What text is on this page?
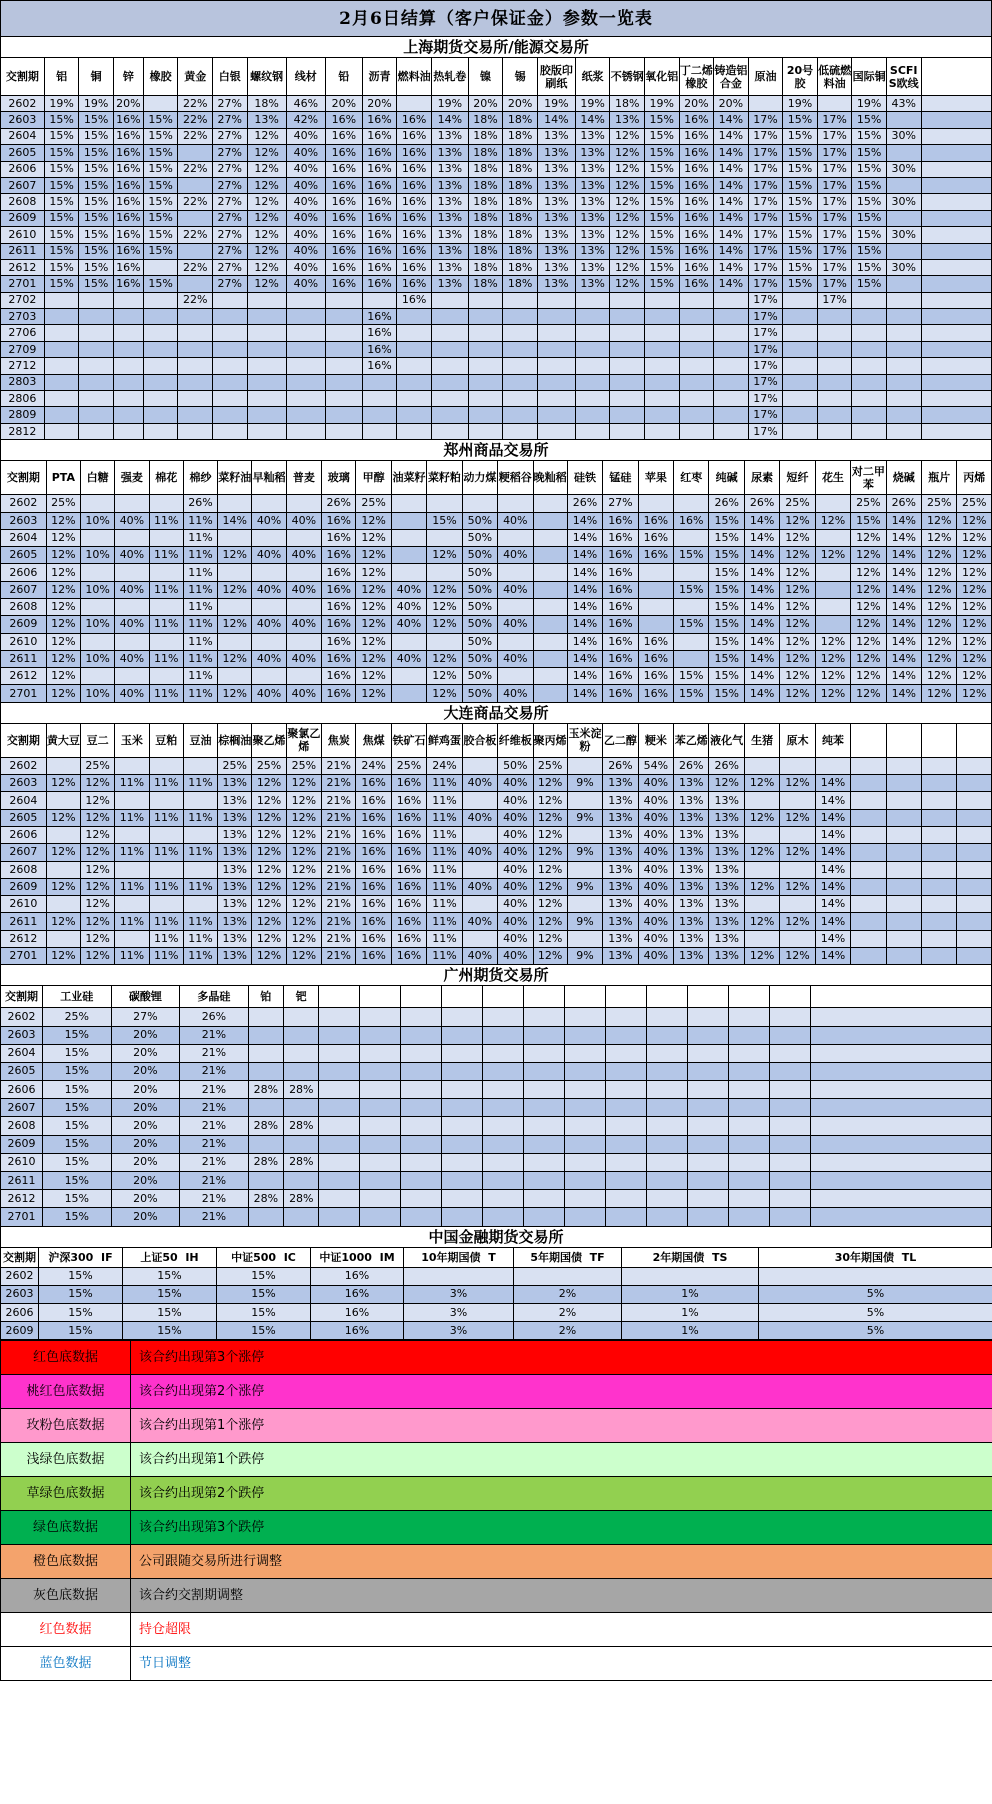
2月6日结算（客户保证金）参数一览表
上海期货交易所/能源交易所
交割期	铝	铜	锌	橡胶	黄金	白银	螺纹钢	线材	铅	沥青	燃料油	热轧卷	镍	锡	胶版印刷纸	纸浆	不锈钢	氧化铝	丁二烯橡胶	铸造铝合金	原油	20号胶	低硫燃料油	国际铜	SCFIS欧线	
2602	19%	19%	20%		22%	27%	18%	46%	20%	20%		19%	20%	20%	19%	19%	18%	19%	20%	20%		19%		19%	43%	
2603	15%	15%	16%	15%	22%	27%	13%	42%	16%	16%	16%	14%	18%	18%	14%	14%	13%	15%	16%	14%	17%	15%	17%	15%		
2604	15%	15%	16%	15%	22%	27%	12%	40%	16%	16%	16%	13%	18%	18%	13%	13%	12%	15%	16%	14%	17%	15%	17%	15%	30%	
2605	15%	15%	16%	15%		27%	12%	40%	16%	16%	16%	13%	18%	18%	13%	13%	12%	15%	16%	14%	17%	15%	17%	15%		
2606	15%	15%	16%	15%	22%	27%	12%	40%	16%	16%	16%	13%	18%	18%	13%	13%	12%	15%	16%	14%	17%	15%	17%	15%	30%	
2607	15%	15%	16%	15%		27%	12%	40%	16%	16%	16%	13%	18%	18%	13%	13%	12%	15%	16%	14%	17%	15%	17%	15%		
2608	15%	15%	16%	15%	22%	27%	12%	40%	16%	16%	16%	13%	18%	18%	13%	13%	12%	15%	16%	14%	17%	15%	17%	15%	30%	
2609	15%	15%	16%	15%		27%	12%	40%	16%	16%	16%	13%	18%	18%	13%	13%	12%	15%	16%	14%	17%	15%	17%	15%		
2610	15%	15%	16%	15%	22%	27%	12%	40%	16%	16%	16%	13%	18%	18%	13%	13%	12%	15%	16%	14%	17%	15%	17%	15%	30%	
2611	15%	15%	16%	15%		27%	12%	40%	16%	16%	16%	13%	18%	18%	13%	13%	12%	15%	16%	14%	17%	15%	17%	15%		
2612	15%	15%	16%		22%	27%	12%	40%	16%	16%	16%	13%	18%	18%	13%	13%	12%	15%	16%	14%	17%	15%	17%	15%	30%	
2701	15%	15%	16%	15%		27%	12%	40%	16%	16%	16%	13%	18%	18%	13%	13%	12%	15%	16%	14%	17%	15%	17%	15%		
2702					22%						16%										17%		17%			
2703										16%											17%					
2706										16%											17%					
2709										16%											17%					
2712										16%											17%					
2803																					17%					
2806																					17%					
2809																					17%					
2812																					17%					
郑州商品交易所
交割期	PTA	白糖	强麦	棉花	棉纱	菜籽油	早籼稻	普麦	玻璃	甲醇	油菜籽	菜籽粕	动力煤	粳稻谷	晚籼稻	硅铁	锰硅	苹果	红枣	纯碱	尿素	短纤	花生	对二甲苯	烧碱	瓶片	丙烯
2602	25%				26%				26%	25%						26%	27%			26%	26%	25%		25%	26%	25%	25%
2603	12%	10%	40%	11%	11%	14%	40%	40%	16%	12%		15%	50%	40%		14%	16%	16%	16%	15%	14%	12%	12%	15%	14%	12%	12%
2604	12%				11%				16%	12%			50%			14%	16%	16%		15%	14%	12%		12%	14%	12%	12%
2605	12%	10%	40%	11%	11%	12%	40%	40%	16%	12%		12%	50%	40%		14%	16%	16%	15%	15%	14%	12%	12%	12%	14%	12%	12%
2606	12%				11%				16%	12%			50%			14%	16%			15%	14%	12%		12%	14%	12%	12%
2607	12%	10%	40%	11%	11%	12%	40%	40%	16%	12%	40%	12%	50%	40%		14%	16%		15%	15%	14%	12%		12%	14%	12%	12%
2608	12%				11%				16%	12%	40%	12%	50%			14%	16%			15%	14%	12%		12%	14%	12%	12%
2609	12%	10%	40%	11%	11%	12%	40%	40%	16%	12%	40%	12%	50%	40%		14%	16%		15%	15%	14%	12%		12%	14%	12%	12%
2610	12%				11%				16%	12%			50%			14%	16%	16%		15%	14%	12%	12%	12%	14%	12%	12%
2611	12%	10%	40%	11%	11%	12%	40%	40%	16%	12%	40%	12%	50%	40%		14%	16%	16%		15%	14%	12%	12%	12%	14%	12%	12%
2612	12%				11%				16%	12%		12%	50%			14%	16%	16%	15%	15%	14%	12%	12%	12%	14%	12%	12%
2701	12%	10%	40%	11%	11%	12%	40%	40%	16%	12%		12%	50%	40%		14%	16%	16%	15%	15%	14%	12%	12%	12%	14%	12%	12%
大连商品交易所
交割期	黄大豆	豆二	玉米	豆粕	豆油	棕榈油	聚乙烯	聚氯乙烯	焦炭	焦煤	铁矿石	鲜鸡蛋	胶合板	纤维板	聚丙烯	玉米淀粉	乙二醇	粳米	苯乙烯	液化气	生猪	原木	纯苯				
2602		25%				25%	25%	25%	21%	24%	25%	24%		50%	25%		26%	54%	26%	26%							
2603	12%	12%	11%	11%	11%	13%	12%	12%	21%	16%	16%	11%	40%	40%	12%	9%	13%	40%	13%	12%	12%	12%	14%				
2604		12%				13%	12%	12%	21%	16%	16%	11%		40%	12%		13%	40%	13%	13%			14%				
2605	12%	12%	11%	11%	11%	13%	12%	12%	21%	16%	16%	11%	40%	40%	12%	9%	13%	40%	13%	13%	12%	12%	14%				
2606		12%				13%	12%	12%	21%	16%	16%	11%		40%	12%		13%	40%	13%	13%			14%				
2607	12%	12%	11%	11%	11%	13%	12%	12%	21%	16%	16%	11%	40%	40%	12%	9%	13%	40%	13%	13%	12%	12%	14%				
2608		12%				13%	12%	12%	21%	16%	16%	11%		40%	12%		13%	40%	13%	13%			14%				
2609	12%	12%	11%	11%	11%	13%	12%	12%	21%	16%	16%	11%	40%	40%	12%	9%	13%	40%	13%	13%	12%	12%	14%				
2610		12%				13%	12%	12%	21%	16%	16%	11%		40%	12%		13%	40%	13%	13%			14%				
2611	12%	12%	11%	11%	11%	13%	12%	12%	21%	16%	16%	11%	40%	40%	12%	9%	13%	40%	13%	13%	12%	12%	14%				
2612		12%		11%	11%	13%	12%	12%	21%	16%	16%	11%		40%	12%		13%	40%	13%	13%			14%				
2701	12%	12%	11%	11%	11%	13%	12%	12%	21%	16%	16%	11%	40%	40%	12%	9%	13%	40%	13%	13%	12%	12%	14%				
广州期货交易所
交割期	工业硅	碳酸锂	多晶硅	铂	钯													
2602	25%	27%	26%															
2603	15%	20%	21%															
2604	15%	20%	21%															
2605	15%	20%	21%															
2606	15%	20%	21%	28%	28%													
2607	15%	20%	21%															
2608	15%	20%	21%	28%	28%													
2609	15%	20%	21%															
2610	15%	20%	21%	28%	28%													
2611	15%	20%	21%															
2612	15%	20%	21%	28%	28%													
2701	15%	20%	21%															
中国金融期货交易所
交割期	沪深300  IF	上证50  IH	中证500  IC	中证1000  IM	10年期国债  T	5年期国债  TF	2年期国债  TS	30年期国债  TL
2602	15%	15%	15%	16%				
2603	15%	15%	15%	16%	3%	2%	1%	5%
2606	15%	15%	15%	16%	3%	2%	1%	5%
2609	15%	15%	15%	16%	3%	2%	1%	5%
红色底数据	该合约出现第3个涨停
桃红色底数据	该合约出现第2个涨停
玫粉色底数据	该合约出现第1个涨停
浅绿色底数据	该合约出现第1个跌停
草绿色底数据	该合约出现第2个跌停
绿色底数据	该合约出现第3个跌停
橙色底数据	公司跟随交易所进行调整
灰色底数据	该合约交割期调整
红色数据	持仓超限
蓝色数据	节日调整
